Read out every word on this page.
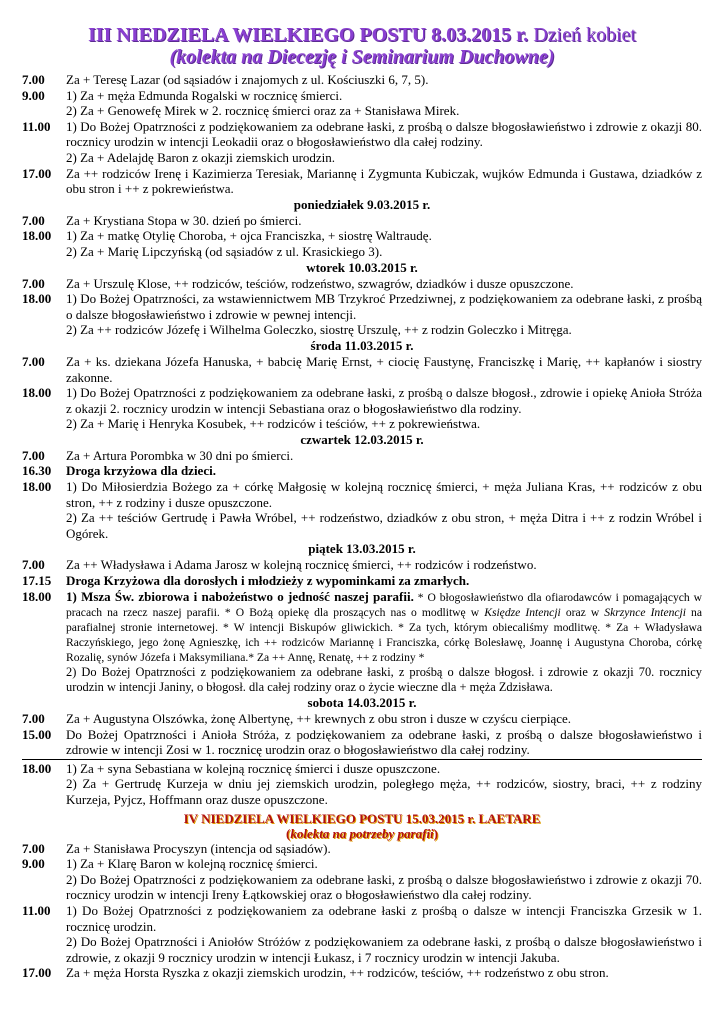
III NIEDZIELA WIELKIEGO POSTU 8.03.2015 r. Dzień kobiet
(kolekta na Diecezję i Seminarium Duchowne)
7.00	Za + Teresę Lazar (od sąsiadów i znajomych z ul. Kościuszki 6, 7, 5).

9.00	1) Za + męża Edmunda Rogalski w rocznicę śmierci.

2) Za + Genowefę Mirek w 2. rocznicę śmierci oraz za + Stanisława Mirek.

11.00	1) Do Bożej Opatrzności z podziękowaniem za odebrane łaski, z prośbą o dalsze błogosławieństwo i zdrowie z okazji 80. rocznicy urodzin w intencji Leokadii oraz o błogosławieństwo dla całej rodziny.

2) Za + Adelajdę Baron z okazji ziemskich urodzin.

17.00	Za ++ rodziców Irenę i Kazimierza Teresiak, Mariannę i Zygmunta Kubiczak, wujków Edmunda i Gustawa, dziadków z obu stron i ++ z pokrewieństwa.

poniedziałek 9.03.2015 r.
7.00	Za + Krystiana Stopa w 30. dzień po śmierci.

18.00	1) Za + matkę Otylię Choroba, + ojca Franciszka, + siostrę Waltraudę.

2) Za + Marię Lipczyńską (od sąsiadów z ul. Krasickiego 3).

wtorek 10.03.2015 r.
7.00	Za + Urszulę Klose, ++ rodziców, teściów, rodzeństwo, szwagrów, dziadków i dusze opuszczone.

18.00	1) Do Bożej Opatrzności, za wstawiennictwem MB Trzykroć Przedziwnej, z podziękowaniem za odebrane łaski, z prośbą o dalsze błogosławieństwo i zdrowie w pewnej intencji.

2) Za ++ rodziców Józefę i Wilhelma Goleczko, siostrę Urszulę, ++ z rodzin Goleczko i Mitręga.

środa 11.03.2015 r.
7.00	Za + ks. dziekana Józefa Hanuska, + babcię Marię Ernst, + ciocię Faustynę, Franciszkę i Marię, ++ kapłanów i siostry zakonne.

18.00	1) Do Bożej Opatrzności z podziękowaniem za odebrane łaski, z prośbą o dalsze błogosł., zdrowie i opiekę Anioła Stróża z okazji 2. rocznicy urodzin w intencji Sebastiana oraz o błogosławieństwo dla rodziny.

2) Za + Marię i Henryka Kosubek, ++ rodziców i teściów, ++ z pokrewieństwa.

czwartek 12.03.2015 r.
7.00	Za + Artura Porombka w 30 dni po śmierci.

16.30	Droga krzyżowa dla dzieci.

18.00	1) Do Miłosierdzia Bożego za + córkę Małgosię w kolejną rocznicę śmierci, + męża Juliana Kras, ++ rodziców z obu stron, ++ z rodziny i dusze opuszczone.

2) Za ++ teściów Gertrudę i Pawła Wróbel, ++ rodzeństwo, dziadków z obu stron, + męża Ditra i ++ z rodzin Wróbel i Ogórek.

piątek 13.03.2015 r.
7.00	Za ++ Władysława i Adama Jarosz w kolejną rocznicę śmierci, ++ rodziców i rodzeństwo.

17.15	Droga Krzyżowa dla dorosłych i młodzieży z wypominkami za zmarłych.

18.00	1) Msza Św. zbiorowa i nabożeństwo o jedność naszej parafii. * O błogosławieństwo dla ofiarodawców i pomagających w pracach na rzecz naszej parafii. * O Bożą opiekę dla proszących nas o modlitwę w Księdze Intencji oraz w Skrzynce Intencji na parafialnej stronie internetowej. * W intencji Biskupów gliwickich. * Za tych, którym obiecaliśmy modlitwę. * Za + Władysława Raczyńskiego, jego żonę Agnieszkę, ich ++ rodziców Mariannę i Franciszka, córkę Bolesławę, Joannę i Augustyna Choroba, córkę Rozalię, synów Józefa i Maksymiliana.* Za ++ Annę, Renatę, ++ z rodziny *

2) Do Bożej Opatrzności z podziękowaniem za odebrane łaski, z prośbą o dalsze błogosł. i zdrowie z okazji 70. rocznicy urodzin w intencji Janiny, o błogosł. dla całej rodziny oraz o życie wieczne dla + męża Zdzisława.

sobota 14.03.2015 r.
7.00	Za + Augustyna Olszówka, żonę Albertynę, ++ krewnych z obu stron i dusze w czyścu cierpiące.

15.00	Do Bożej Opatrzności i Anioła Stróża, z podziękowaniem za odebrane łaski, z prośbą o dalsze błogosławieństwo i zdrowie w intencji Zosi w 1. rocznicę urodzin oraz o błogosławieństwo dla całej rodziny.

18.00	1) Za + syna Sebastiana w kolejną rocznicę śmierci i dusze opuszczone.

2) Za + Gertrudę Kurzeja w dniu jej ziemskich urodzin, poległego męża, ++ rodziców, siostry, braci, ++ z rodziny Kurzeja, Pyjcz, Hoffmann oraz dusze opuszczone.

IV NIEDZIELA WIELKIEGO POSTU 15.03.2015 r. LAETARE
(kolekta na potrzeby parafii)
7.00	Za + Stanisława Procyszyn (intencja od sąsiadów).

9.00	1) Za + Klarę Baron w kolejną rocznicę śmierci.

2) Do Bożej Opatrzności z podziękowaniem za odebrane łaski, z prośbą o dalsze błogosławieństwo i zdrowie z okazji 70. rocznicy urodzin w intencji Ireny Łątkowskiej oraz o błogosławieństwo dla całej rodziny.

11.00	1) Do Bożej Opatrzności z podziękowaniem za odebrane łaski z prośbą o dalsze w intencji Franciszka Grzesik w 1. rocznicę urodzin.

2) Do Bożej Opatrzności i Aniołów Stróżów z podziękowaniem za odebrane łaski, z prośbą o dalsze błogosławieństwo i zdrowie, z okazji 9 rocznicy urodzin w intencji Łukasz, i 7 rocznicy urodzin w intencji Jakuba.

17.00	Za + męża Horsta Ryszka z okazji ziemskich urodzin, ++ rodziców, teściów, ++ rodzeństwo z obu stron.
